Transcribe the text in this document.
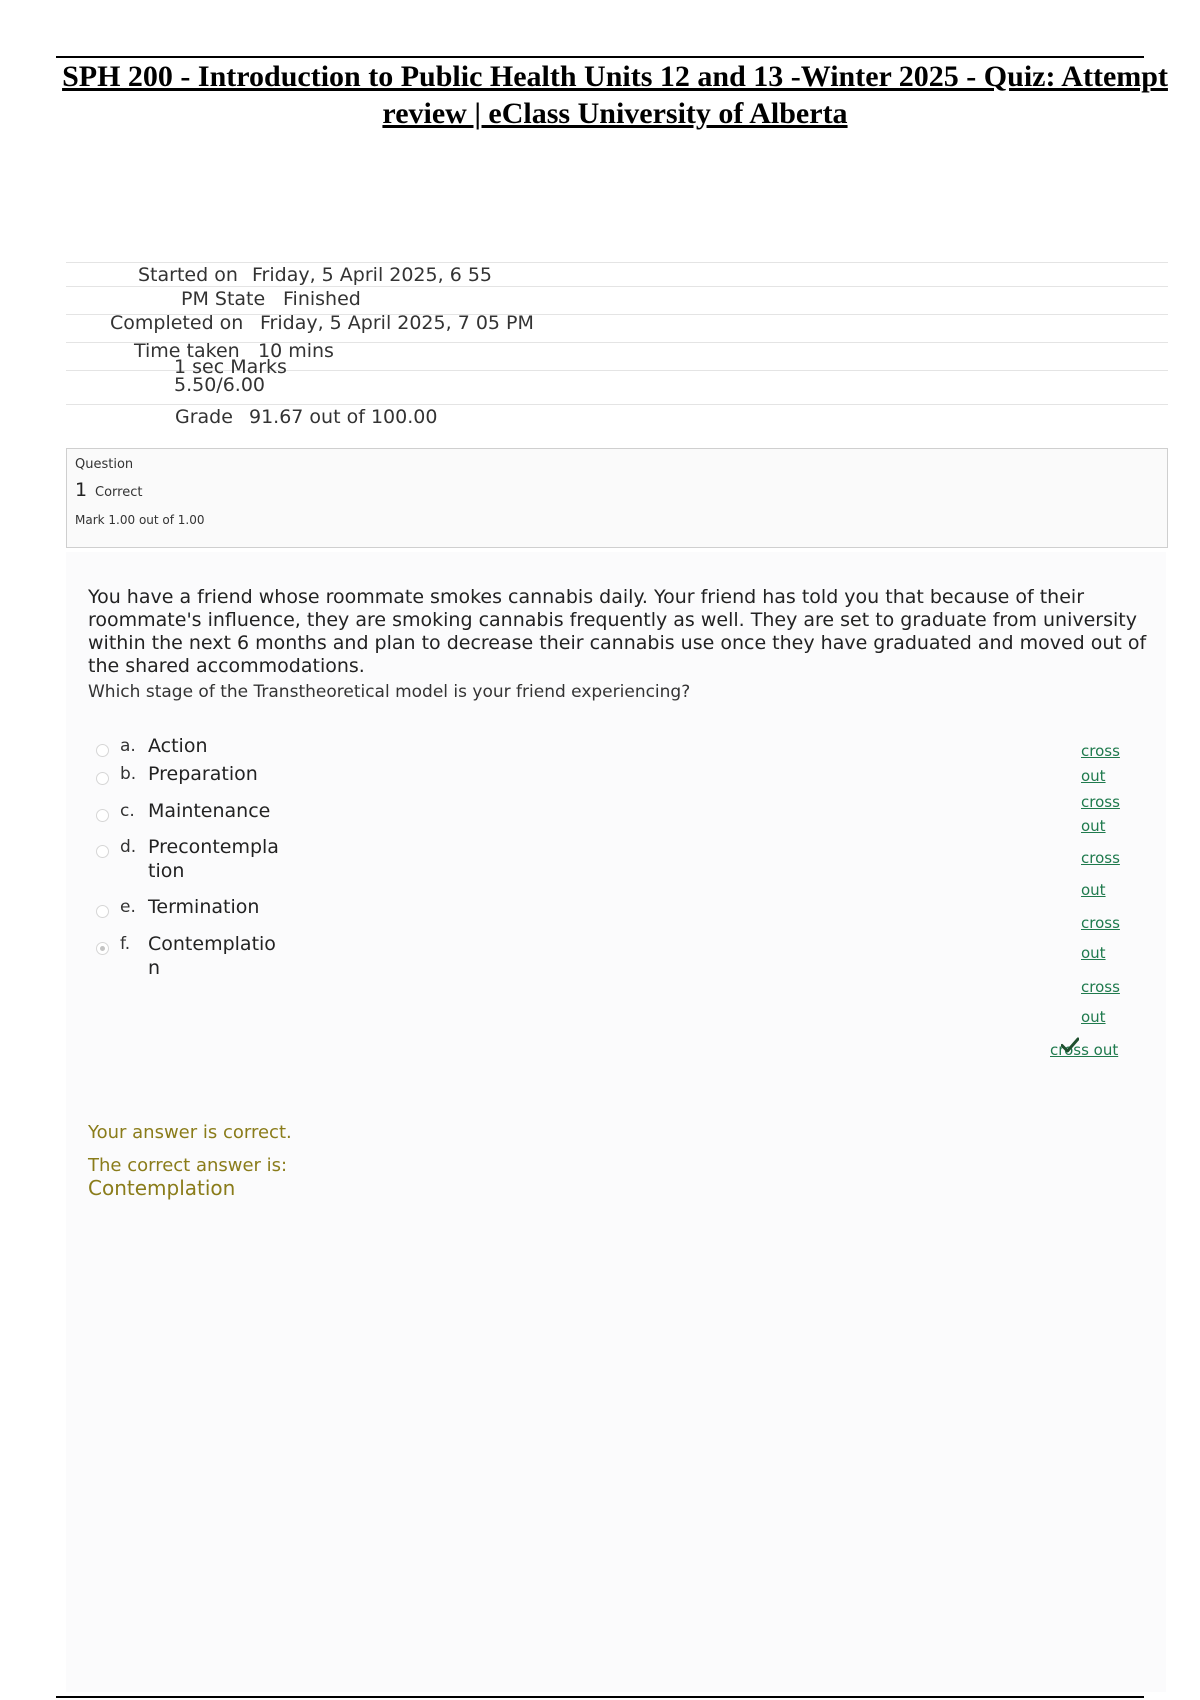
SPH 200 - Introduction to Public Health Units 12 and 13 -Winter 2025 - Quiz: Attempt review | eClass University of Alberta
Started on Friday, 5 April 2025, 6 55
PM State Finished
Completed on Friday, 5 April 2025, 7 05 PM
Time taken 10 mins
1 sec Marks
5.50/6.00
Grade 91.67 out of 100.00
Question
1 Correct
Mark 1.00 out of 1.00
You have a friend whose roommate smokes cannabis daily. Your friend has told you that because of their roommate's influence, they are smoking cannabis frequently as well. They are set to graduate from university within the next 6 months and plan to decrease their cannabis use once they have graduated and moved out of the shared accommodations.
Which stage of the Transtheoretical model is your friend experiencing?
a. Action
b. Preparation
c. Maintenance
d. Precontempla
tion
e. Termination
f. Contemplatio
n
cross
out
cross
out
cross
out
cross
out
cross
out
cross out
Your answer is correct.
The correct answer is:
Contemplation
